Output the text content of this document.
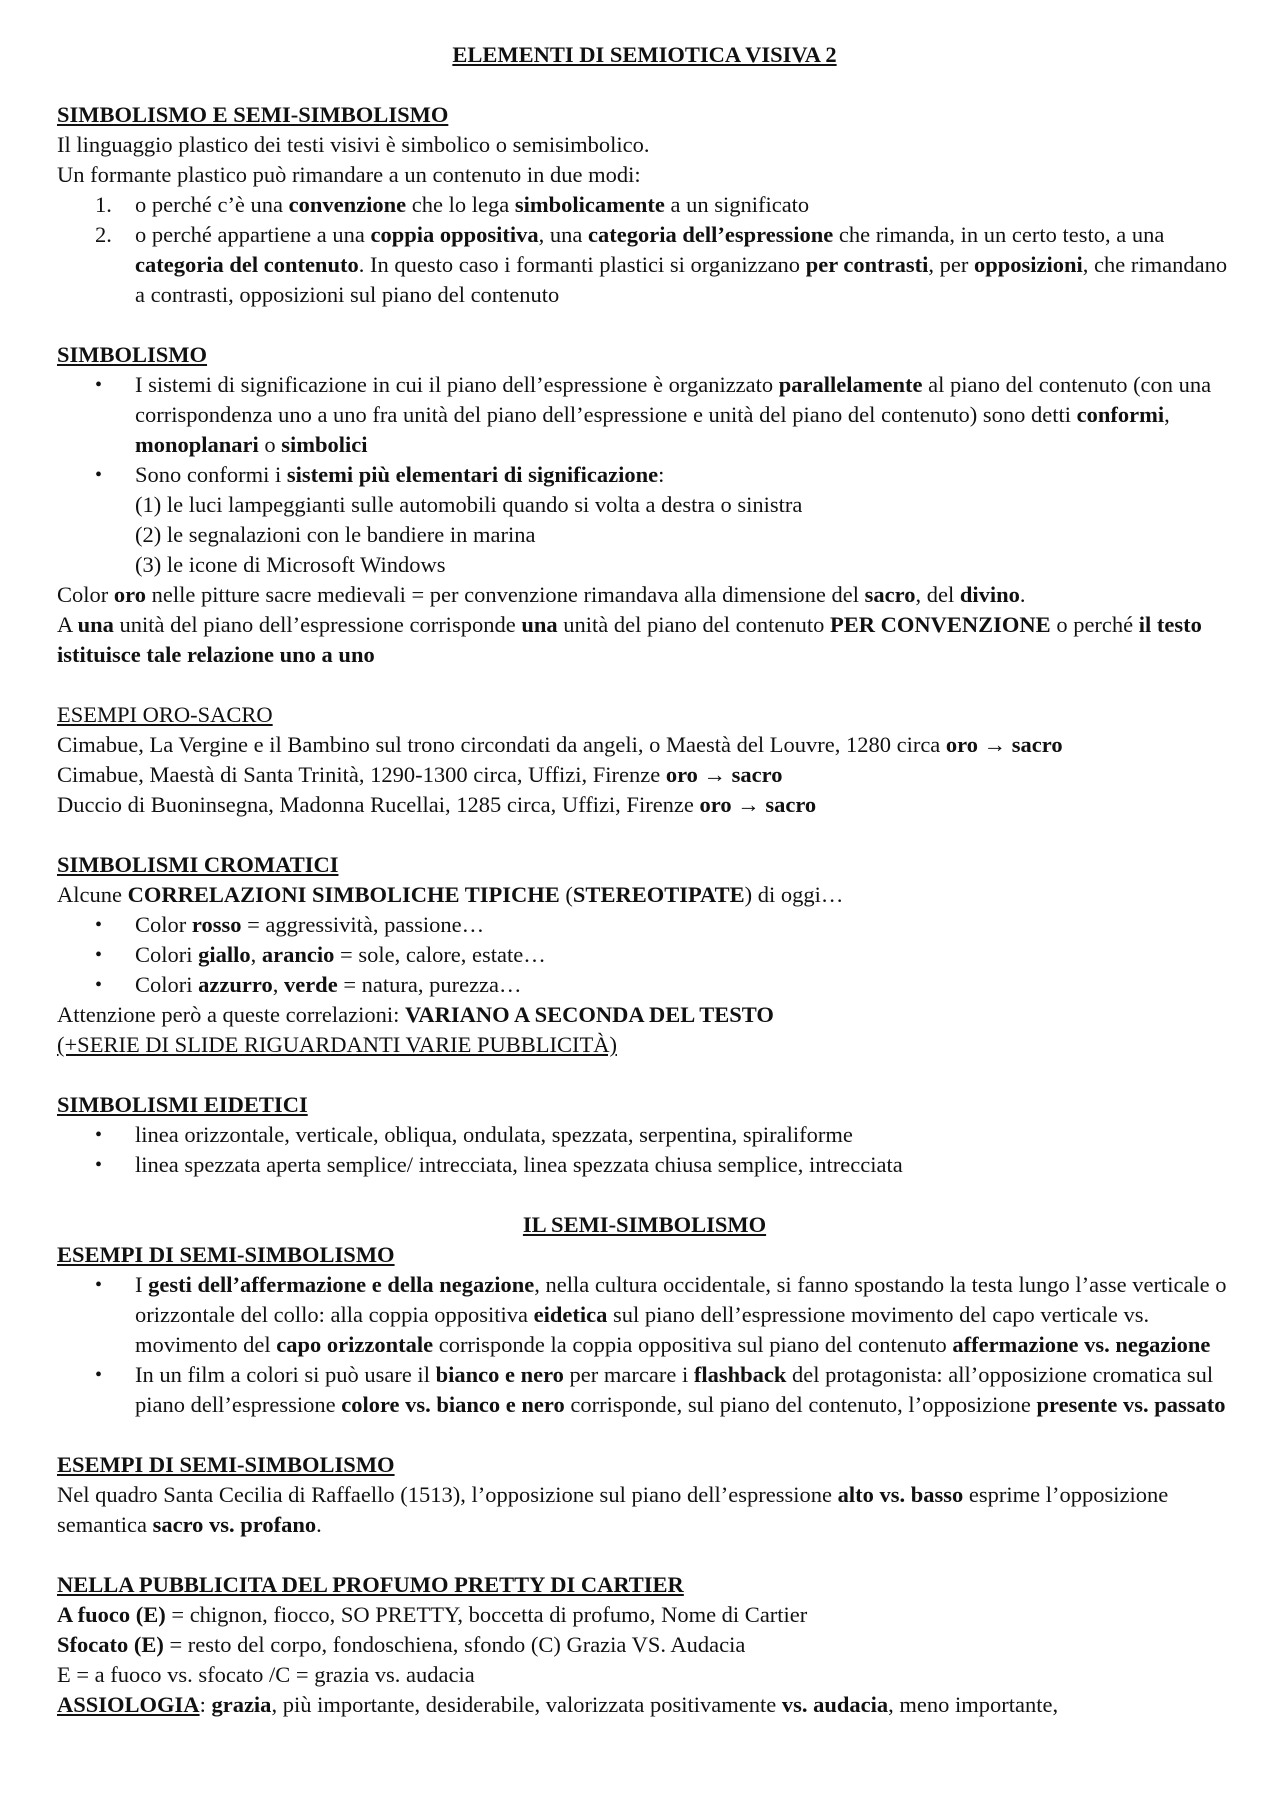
ELEMENTI DI SEMIOTICA VISIVA 2

SIMBOLISMO E SEMI-SIMBOLISMO

Il linguaggio plastico dei testi visivi è simbolico o semisimbolico.

Un formante plastico può rimandare a un contenuto in due modi:

1. o perché c’è una convenzione che lo lega simbolicamente a un significato
2. o perché appartiene a una coppia oppositiva, una categoria dell’espressione che rimanda, in un certo testo, a una categoria del contenuto. In questo caso i formanti plastici si organizzano per contrasti, per opposizioni, che rimandano a contrasti, opposizioni sul piano del contenuto

SIMBOLISMO

• I sistemi di significazione in cui il piano dell’espressione è organizzato parallelamente al piano del contenuto (con una corrispondenza uno a uno fra unità del piano dell’espressione e unità del piano del contenuto) sono detti conformi, monoplanari o simbolici
• Sono conformi i sistemi più elementari di significazione:

(1) le luci lampeggianti sulle automobili quando si volta a destra o sinistra

(2) le segnalazioni con le bandiere in marina

(3) le icone di Microsoft Windows

Color oro nelle pitture sacre medievali = per convenzione rimandava alla dimensione del sacro, del divino.

A una unità del piano dell’espressione corrisponde una unità del piano del contenuto PER CONVENZIONE o perché il testo istituisce tale relazione uno a uno

ESEMPI ORO-SACRO

Cimabue, La Vergine e il Bambino sul trono circondati da angeli, o Maestà del Louvre, 1280 circa oro → sacro

Cimabue, Maestà di Santa Trinità, 1290-1300 circa, Uffizi, Firenze oro → sacro

Duccio di Buoninsegna, Madonna Rucellai, 1285 circa, Uffizi, Firenze oro → sacro

SIMBOLISMI CROMATICI

Alcune CORRELAZIONI SIMBOLICHE TIPICHE (STEREOTIPATE) di oggi…

• Color rosso = aggressività, passione…
• Colori giallo, arancio = sole, calore, estate…
• Colori azzurro, verde = natura, purezza…

Attenzione però a queste correlazioni: VARIANO A SECONDA DEL TESTO

(+SERIE DI SLIDE RIGUARDANTI VARIE PUBBLICITÀ)

SIMBOLISMI EIDETICI

• linea orizzontale, verticale, obliqua, ondulata, spezzata, serpentina, spiraliforme
• linea spezzata aperta semplice/ intrecciata, linea spezzata chiusa semplice, intrecciata

IL SEMI-SIMBOLISMO

ESEMPI DI SEMI-SIMBOLISMO

• I gesti dell’affermazione e della negazione, nella cultura occidentale, si fanno spostando la testa lungo l’asse verticale o orizzontale del collo: alla coppia oppositiva eidetica sul piano dell’espressione movimento del capo verticale vs. movimento del capo orizzontale corrisponde la coppia oppositiva sul piano del contenuto affermazione vs. negazione
• In un film a colori si può usare il bianco e nero per marcare i flashback del protagonista: all’opposizione cromatica sul piano dell’espressione colore vs. bianco e nero corrisponde, sul piano del contenuto, l’opposizione presente vs. passato

ESEMPI DI SEMI-SIMBOLISMO

Nel quadro Santa Cecilia di Raffaello (1513), l’opposizione sul piano dell’espressione alto vs. basso esprime l’opposizione semantica sacro vs. profano.

NELLA PUBBLICITA DEL PROFUMO PRETTY DI CARTIER

A fuoco (E) = chignon, fiocco, SO PRETTY, boccetta di profumo, Nome di Cartier

Sfocato (E) = resto del corpo, fondoschiena, sfondo (C) Grazia VS. Audacia

E = a fuoco vs. sfocato /C = grazia vs. audacia

ASSIOLOGIA: grazia, più importante, desiderabile, valorizzata positivamente vs. audacia, meno importante,
